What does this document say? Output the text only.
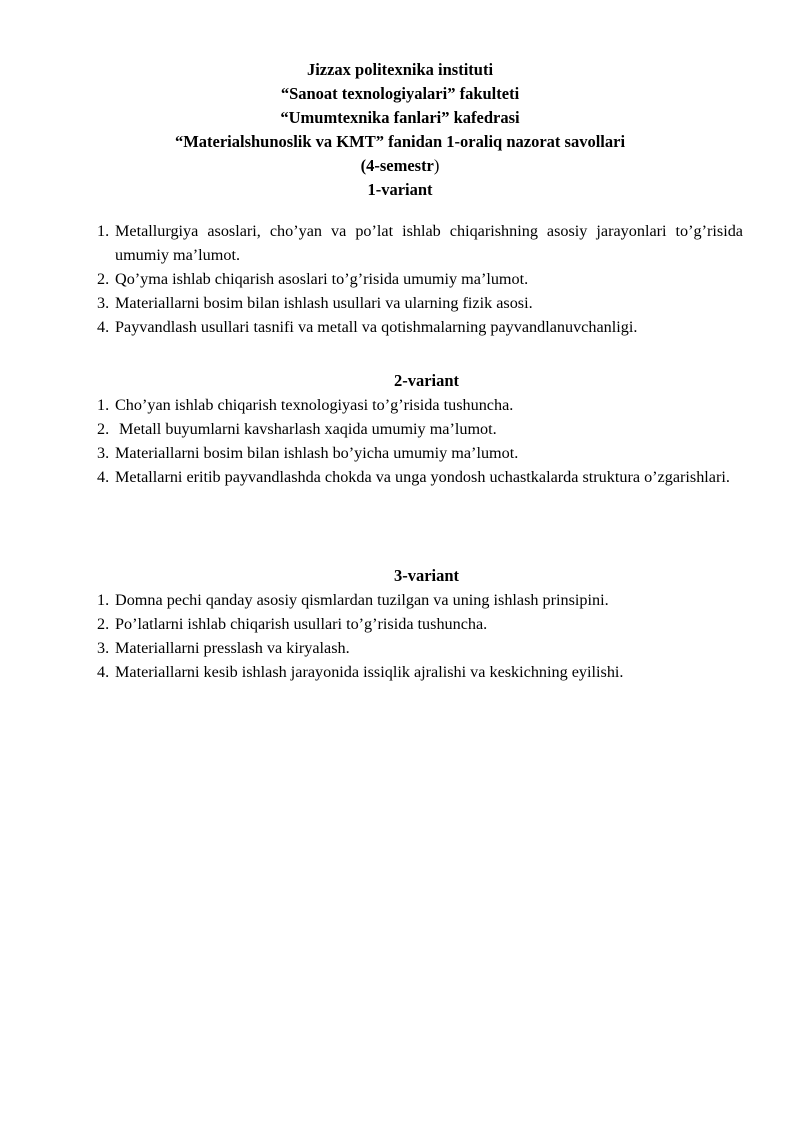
Jizzax politexnika instituti
“Sanoat texnologiyalari” fakulteti
“Umumtexnika fanlari” kafedrasi
“Materialshunoslik va KMT” fanidan 1-oraliq nazorat savollari
(4-semestr)
1-variant
1. Metallurgiya asoslari, cho’yan va po’lat ishlab chiqarishning asosiy jarayonlari to’g’risida umumiy ma’lumot.
2. Qo’yma ishlab chiqarish asoslari to’g’risida umumiy ma’lumot.
3. Materiallarni bosim bilan ishlash usullari va ularning fizik asosi.
4. Payvandlash usullari tasnifi va metall va qotishmalarning payvandlanuvchanligi.
2-variant
1. Cho’yan ishlab chiqarish texnologiyasi to’g’risida tushuncha.
2. Metall buyumlarni kavsharlash xaqida umumiy ma’lumot.
3. Materiallarni bosim bilan ishlash bo’yicha umumiy ma’lumot.
4. Metallarni eritib payvandlashda chokda va unga yondosh uchastkalarda struktura o’zgarishlari.
3-variant
1. Domna pechi qanday asosiy qismlardan tuzilgan va uning ishlash prinsipini.
2. Po’latlarni ishlab chiqarish usullari to’g’risida tushuncha.
3. Materiallarni presslash va kiryalash.
4. Materiallarni kesib ishlash jarayonida issiqlik ajralishi va keskichning eyilishi.
